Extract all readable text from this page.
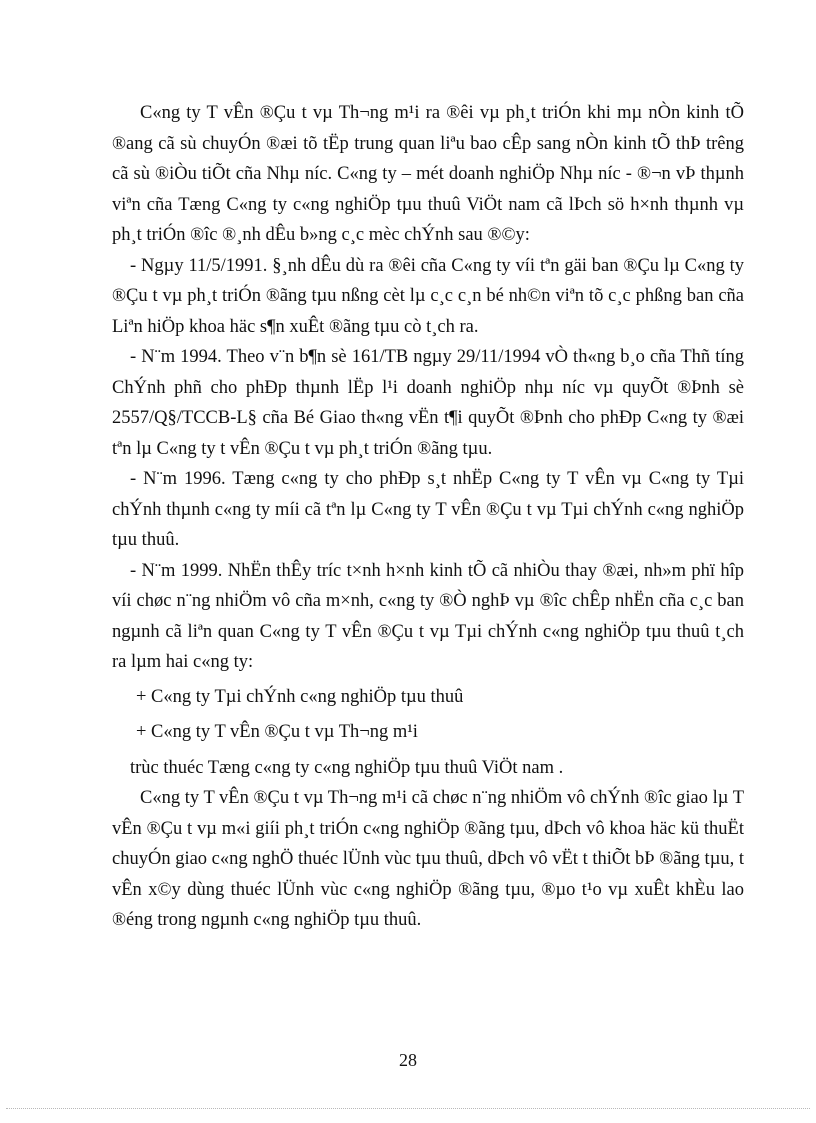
C«ng ty T vÊn ®Çu t vµ Th¬ng m¹i ra ®êi vµ ph¸t triÓn khi mµ nÒn kinh tÕ ®ang cã sù chuyÓn ®æi tõ tËp trung quan liªu bao cÊp sang nÒn kinh tÕ thÞ trêng cã sù ®iÒu tiÕt cña Nhµ níc. C«ng ty – mét doanh nghiÖp Nhµ níc - ®¬n vÞ thµnh viªn cña Tæng C«ng ty c«ng nghiÖp tµu thuû ViÖt nam cã lÞch sö h×nh thµnh vµ ph¸t triÓn ®îc ®¸nh dÊu b»ng c¸c mèc chÝnh sau ®©y:

- Ngµy 11/5/1991. §¸nh dÊu dù ra ®êi cña C«ng ty víi tªn gäi ban ®Çu lµ C«ng ty ®Çu t vµ ph¸t triÓn ®ãng tµu nßng cèt lµ c¸c c¸n bé nh©n viªn tõ c¸c phßng ban cña Liªn hiÖp khoa häc s¶n xuÊt ®ãng tµu cò t¸ch ra.

- N¨m 1994. Theo v¨n b¶n sè 161/TB ngµy 29/11/1994 vÒ th«ng b¸o cña Thñ tíng ChÝnh phñ cho phÐp thµnh lËp l¹i doanh nghiÖp nhµ níc vµ quyÕt ®Þnh sè 2557/Q§/TCCB-L§ cña Bé Giao th«ng vËn t¶i quyÕt ®Þnh cho phÐp C«ng ty ®æi tªn lµ C«ng ty t vÊn ®Çu t vµ ph¸t triÓn ®ãng tµu.

- N¨m 1996. Tæng c«ng ty cho phÐp s¸t nhËp C«ng ty T vÊn vµ C«ng ty Tµi chÝnh thµnh c«ng ty míi cã tªn lµ C«ng ty T vÊn ®Çu t vµ Tµi chÝnh c«ng nghiÖp tµu thuû.

- N¨m 1999. NhËn thÊy tríc t×nh h×nh kinh tÕ cã nhiÒu thay ®æi, nh»m phï hîp víi chøc n¨ng nhiÖm vô cña m×nh, c«ng ty ®Ò nghÞ vµ ®îc chÊp nhËn cña c¸c ban ngµnh cã liªn quan C«ng ty T vÊn ®Çu t vµ Tµi chÝnh c«ng nghiÖp tµu thuû t¸ch ra lµm hai c«ng ty:

+ C«ng ty Tµi chÝnh c«ng nghiÖp tµu thuû

+ C«ng ty T vÊn ®Çu t vµ Th¬ng m¹i

trùc thuéc Tæng c«ng ty c«ng nghiÖp tµu thuû ViÖt nam .

C«ng ty T vÊn ®Çu t vµ Th¬ng m¹i cã chøc n¨ng nhiÖm vô chÝnh ®îc giao lµ T vÊn ®Çu t vµ m«i giíi ph¸t triÓn c«ng nghiÖp ®ãng tµu, dÞch vô khoa häc kü thuËt chuyÓn giao c«ng nghÖ thuéc lÜnh vùc tµu thuû, dÞch vô vËt t thiÕt bÞ ®ãng tµu, t vÊn x©y dùng thuéc lÜnh vùc c«ng nghiÖp ®ãng tµu, ®µo t¹o vµ xuÊt khÈu lao ®éng trong ngµnh c«ng nghiÖp tµu thuû.

28
